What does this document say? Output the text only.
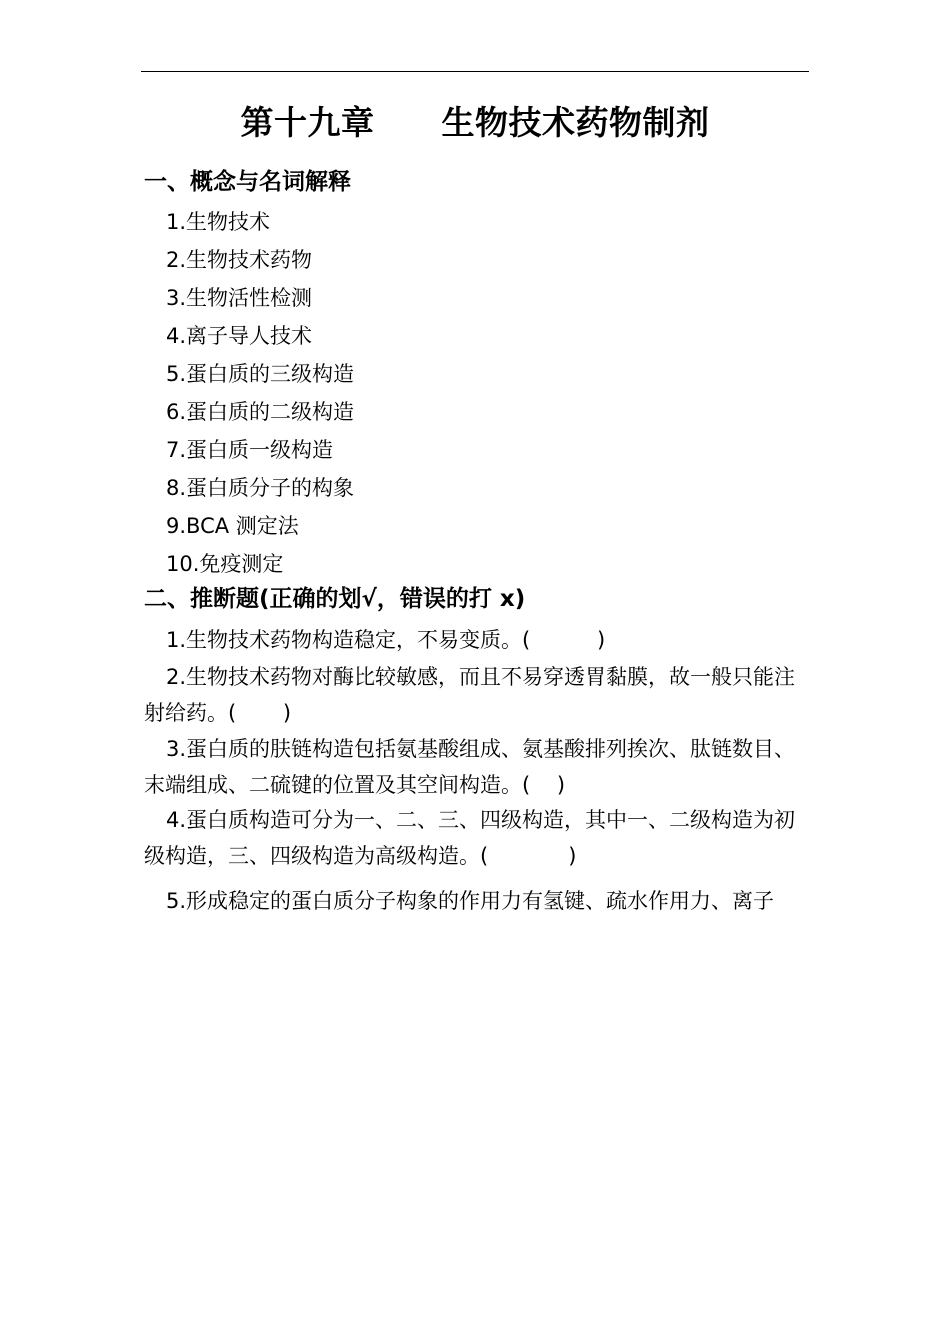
第十九章　　生物技术药物制剂
一、概念与名词解释
1.生物技术
2.生物技术药物
3.生物活性检测
4.离子导人技术
5.蛋白质的三级构造
6.蛋白质的二级构造
7.蛋白质一级构造
8.蛋白质分子的构象
9.BCA 测定法
10.免疫测定
二、推断题(正确的划√，错误的打 x)
1.生物技术药物构造稳定，不易变质。(          )
2.生物技术药物对酶比较敏感，而且不易穿透胃黏膜，故一般只能注射给药。(       )
3.蛋白质的肤链构造包括氨基酸组成、氨基酸排列挨次、肽链数目、末端组成、二硫键的位置及其空间构造。(    )
4.蛋白质构造可分为一、二、三、四级构造，其中一、二级构造为初级构造，三、四级构造为高级构造。(            )
5.形成稳定的蛋白质分子构象的作用力有氢键、疏水作用力、离子
